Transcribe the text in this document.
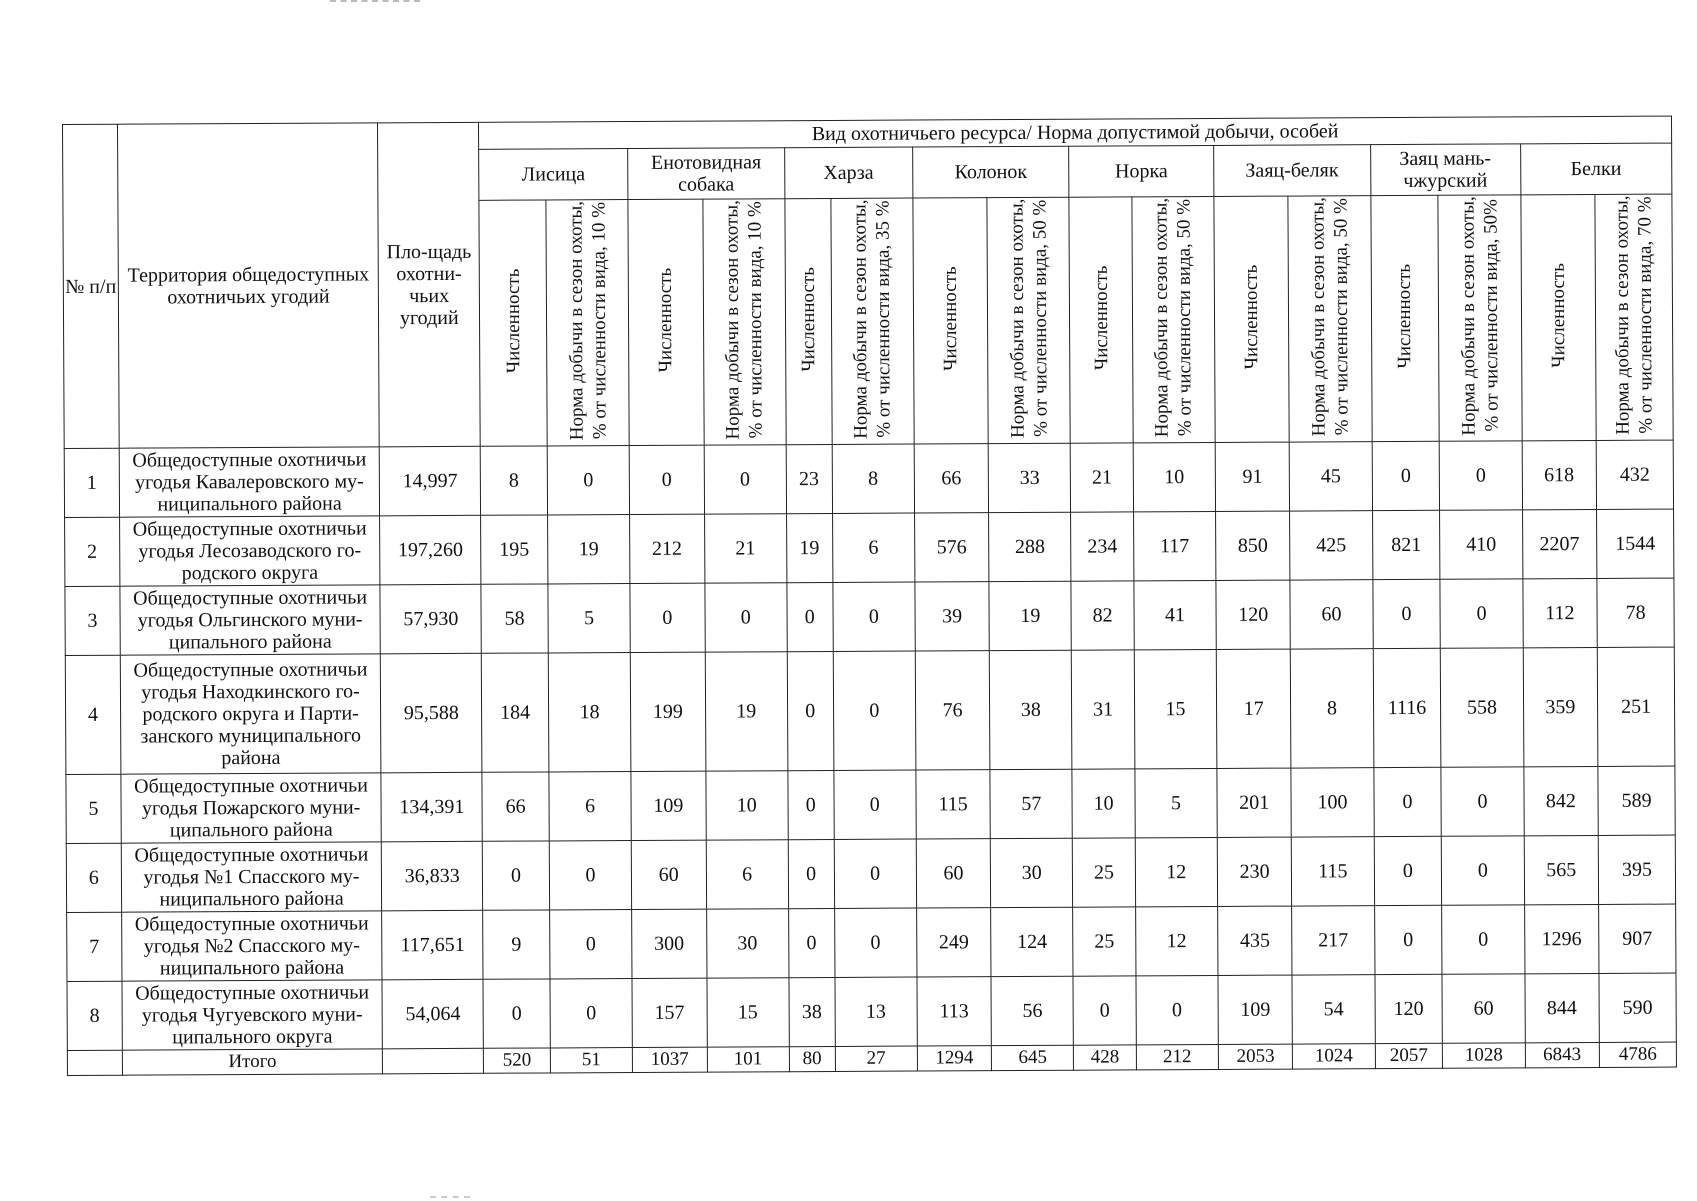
№ п/п	Территория общедоступных охотничьих угодий	Пло-щадь охотни-чьих угодий	Вид охотничьего ресурса/ Норма допустимой добычи, особей															
			Лисица		Енотовидная собака		Харза		Колонок		Норка		Заяц-беляк		Заяц мань-чжурский		Белки	
			Численность	Норма добычи в сезон охоты, % от численности вида, 10 %	Численность	Норма добычи в сезон охоты, % от численности вида, 10 %	Численность	Норма добычи в сезон охоты, % от численности вида, 35 %	Численность	Норма добычи в сезон охоты, % от численности вида, 50 %	Численность	Норма добычи в сезон охоты, % от численности вида, 50 %	Численность	Норма добычи в сезон охоты, % от численности вида, 50 %	Численность	Норма добычи в сезон охоты, % от численности вида, 50%	Численность	Норма добычи в сезон охоты, % от численности вида, 70 %
1	Общедоступные охотничьи угодья Кавалеровского му-ниципального района	14,997	8	0	0	0	23	8	66	33	21	10	91	45	0	0	618	432
2	Общедоступные охотничьи угодья Лесозаводского го-родского округа	197,260	195	19	212	21	19	6	576	288	234	117	850	425	821	410	2207	1544
3	Общедоступные охотничьи угодья Ольгинского муни-ципального района	57,930	58	5	0	0	0	0	39	19	82	41	120	60	0	0	112	78
4	Общедоступные охотничьи угодья Находкинского го-родского округа и Парти-занского муниципального района	95,588	184	18	199	19	0	0	76	38	31	15	17	8	1116	558	359	251
5	Общедоступные охотничьи угодья Пожарского муни-ципального района	134,391	66	6	109	10	0	0	115	57	10	5	201	100	0	0	842	589
6	Общедоступные охотничьи угодья №1 Спасского му-ниципального района	36,833	0	0	60	6	0	0	60	30	25	12	230	115	0	0	565	395
7	Общедоступные охотничьи угодья №2 Спасского му-ниципального района	117,651	9	0	300	30	0	0	249	124	25	12	435	217	0	0	1296	907
8	Общедоступные охотничьи угодья Чугуевского муни-ципального округа	54,064	0	0	157	15	38	13	113	56	0	0	109	54	120	60	844	590
	Итого		520	51	1037	101	80	27	1294	645	428	212	2053	1024	2057	1028	6843	4786
